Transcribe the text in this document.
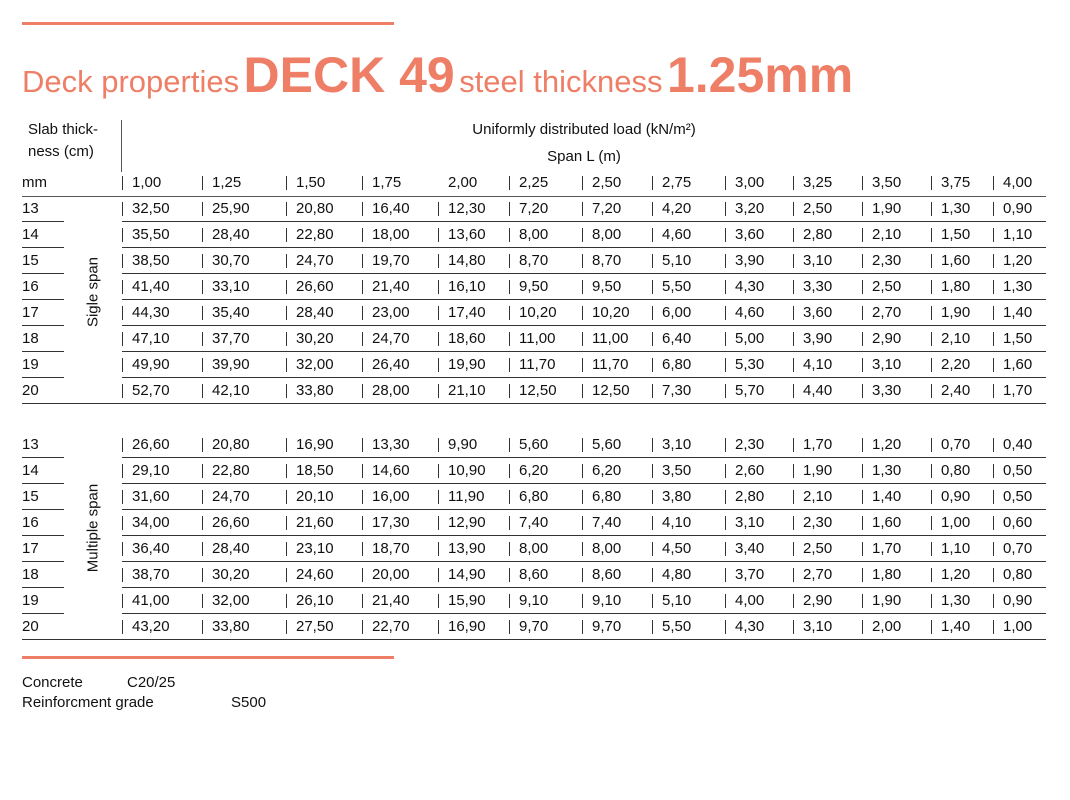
Deck properties DECK 49 steel thickness 1.25mm
Slab thick-
ness (cm)
Uniformly distributed load (kN/m²)
Span L (m)
mm	1,00	1,25	1,50	1,75	2,00	2,25	2,50	2,75	3,00	3,25	3,50	3,75	4,00
13	32,50	25,90	20,80	16,40	12,30	7,20	7,20	4,20	3,20	2,50	1,90	1,30	0,90
14	35,50	28,40	22,80	18,00	13,60	8,00	8,00	4,60	3,60	2,80	2,10	1,50	1,10
15	38,50	30,70	24,70	19,70	14,80	8,70	8,70	5,10	3,90	3,10	2,30	1,60	1,20
16	41,40	33,10	26,60	21,40	16,10	9,50	9,50	5,50	4,30	3,30	2,50	1,80	1,30
17	44,30	35,40	28,40	23,00	17,40	10,20	10,20	6,00	4,60	3,60	2,70	1,90	1,40
18	47,10	37,70	30,20	24,70	18,60	11,00	11,00	6,40	5,00	3,90	2,90	2,10	1,50
19	49,90	39,90	32,00	26,40	19,90	11,70	11,70	6,80	5,30	4,10	3,10	2,20	1,60
20	52,70	42,10	33,80	28,00	21,10	12,50	12,50	7,30	5,70	4,40	3,30	2,40	1,70
Sigle span
13	26,60	20,80	16,90	13,30	9,90	5,60	5,60	3,10	2,30	1,70	1,20	0,70	0,40
14	29,10	22,80	18,50	14,60	10,90	6,20	6,20	3,50	2,60	1,90	1,30	0,80	0,50
15	31,60	24,70	20,10	16,00	11,90	6,80	6,80	3,80	2,80	2,10	1,40	0,90	0,50
16	34,00	26,60	21,60	17,30	12,90	7,40	7,40	4,10	3,10	2,30	1,60	1,00	0,60
17	36,40	28,40	23,10	18,70	13,90	8,00	8,00	4,50	3,40	2,50	1,70	1,10	0,70
18	38,70	30,20	24,60	20,00	14,90	8,60	8,60	4,80	3,70	2,70	1,80	1,20	0,80
19	41,00	32,00	26,10	21,40	15,90	9,10	9,10	5,10	4,00	2,90	1,90	1,30	0,90
20	43,20	33,80	27,50	22,70	16,90	9,70	9,70	5,50	4,30	3,10	2,00	1,40	1,00
Multiple span
Concrete	C20/25
Reinforcment grade	S500
